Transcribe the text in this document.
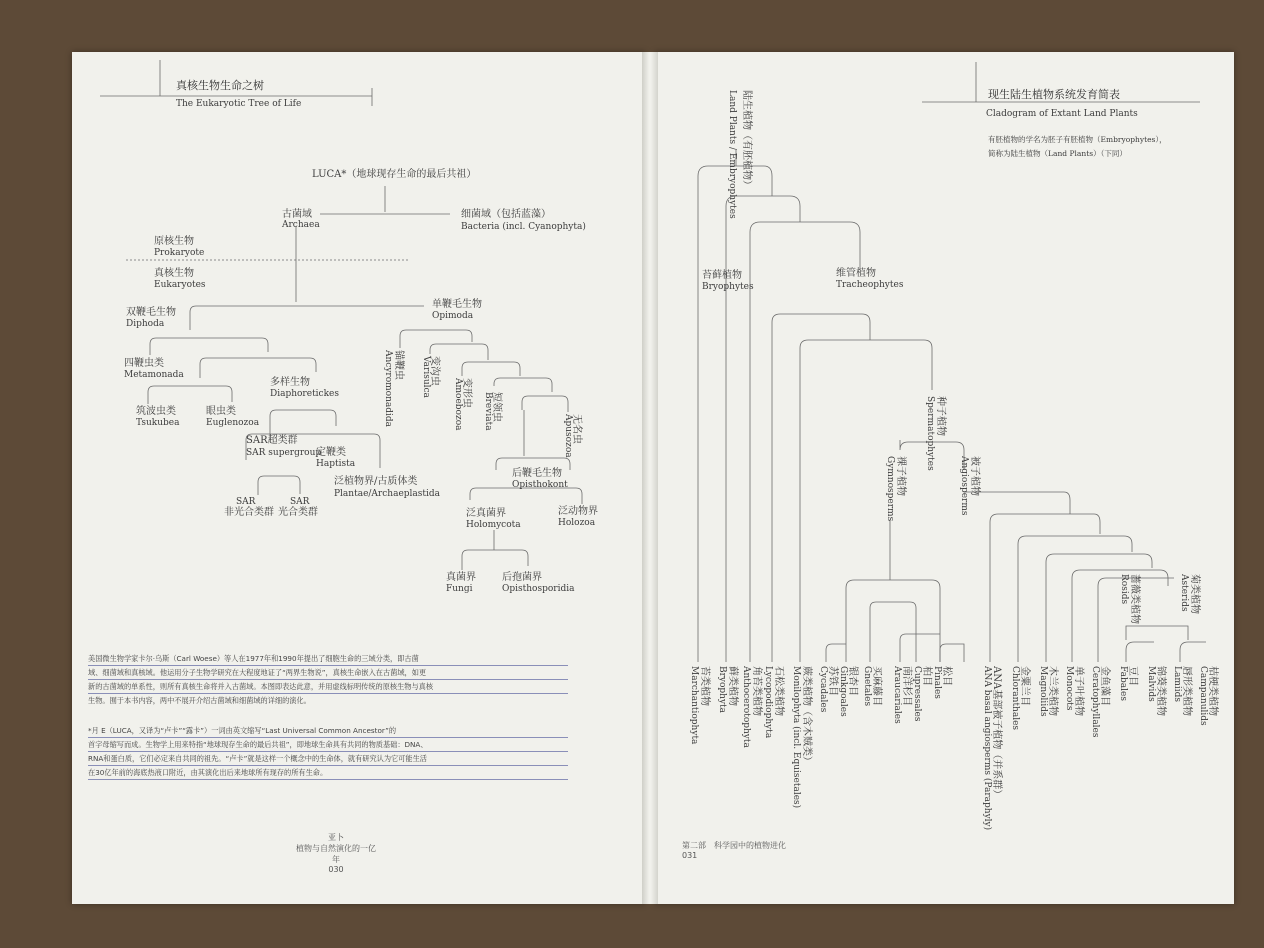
真核生物生命之树
The Eukaryotic Tree of Life
LUCA*（地球现存生命的最后共祖）
古菌域
Archaea
细菌域（包括蓝藻）
Bacteria (incl. Cyanophyta)
原核生物
Prokaryote
真核生物
Eukaryotes
双鞭毛生物
Diphoda
单鞭毛生物
Opimoda
四鞭虫类
Metamonada
多样生物
Diaphoretickes
筑波虫类
Tsukubea
眼虫类
Euglenozoa
SAR超类群
SAR supergroup
定鞭类
Haptista
泛植物界/古质体类
Plantae/Archaeplastida
SAR
非光合类群
SAR
光合类群
锚鞭虫
Ancyromonadida	变沟虫
Varisulca	变形虫
Amoebozoa	短领虫
Breviata	无名虫
Apusozoa
后鞭毛生物
Opisthokont
泛真菌界
Holomycota
泛动物界
Holozoa
真菌界
Fungi
后孢菌界
Opisthosporidia
美国微生物学家卡尔·乌斯（Carl Woese）等人在1977年和1990年提出了细胞生命的三域分类，即古菌
域、细菌域和真核域。他运用分子生物学研究在大程度地证了“两界生物说”，真核生命嵌入在古菌域，如更
新的古菌域的单系性，则所有真核生命将并入古菌域。本图即表达此意，并用虚线标明传统的原核生物与真核
生物。囿于本书内容，两中不展开介绍古菌域和细菌域的详细的演化。
*月 E（LUCA，又译为“卢卡”“露卡”）一词由英文缩写“Last Universal Common Ancestor”的
首字母缩写而成。生物学上用来特指“地球现存生命的最后共祖”，即地球生命具有共同的物质基础：DNA、
RNA和蛋白质，它们必定来自共同的祖先。“卢卡”就是这样一个概念中的生命体，就有研究认为它可能生活
在30亿年前的海底热液口附近，由其演化出后来地球所有现存的所有生命。
亚卜
植物与自然演化的一亿年
030
现生陆生植物系统发育简表
Cladogram of Extant Land Plants
有胚植物的学名为胚子有胚植物（Embryophytes），
简称为陆生植物（Land Plants）（下同）
陆生植物（有胚植物）
Land Plants / Embryophytes
苔藓植物
Bryophytes
维管植物
Tracheophytes
种子植物
Spermatophytes
裸子植物
Gymnosperms	被子植物
Angiosperms
蔷薇类植物
Rosids	菊类植物
Asterids
苔类植物
Marchantiophyta	藓类植物
Bryophyta 角苔类植物
Anthocerotophyta 石松类植物
Lycopodiophyta	蕨类植物（含木贼类）
Monilophyta (incl. Equisetales)	苏铁目
Cycadales 银杏目
Ginkgoales 买麻藤目
Gnetales	南洋杉目
Araucariales 柏目
Cupressales 松目
Pinales	ANA基部被子植物（并系群）
ANA basal angiosperms (Paraphyly)	金粟兰目
Chloranthales	木兰类植物
Magnoliids	单子叶植物
Monocots	金鱼藻目
Ceratophyllales	豆目
Fabales	锦葵类植物
Malvids	唇形类植物
Lamiids	桔梗类植物
Campanulids
第二部　科学园中的植物进化
031
